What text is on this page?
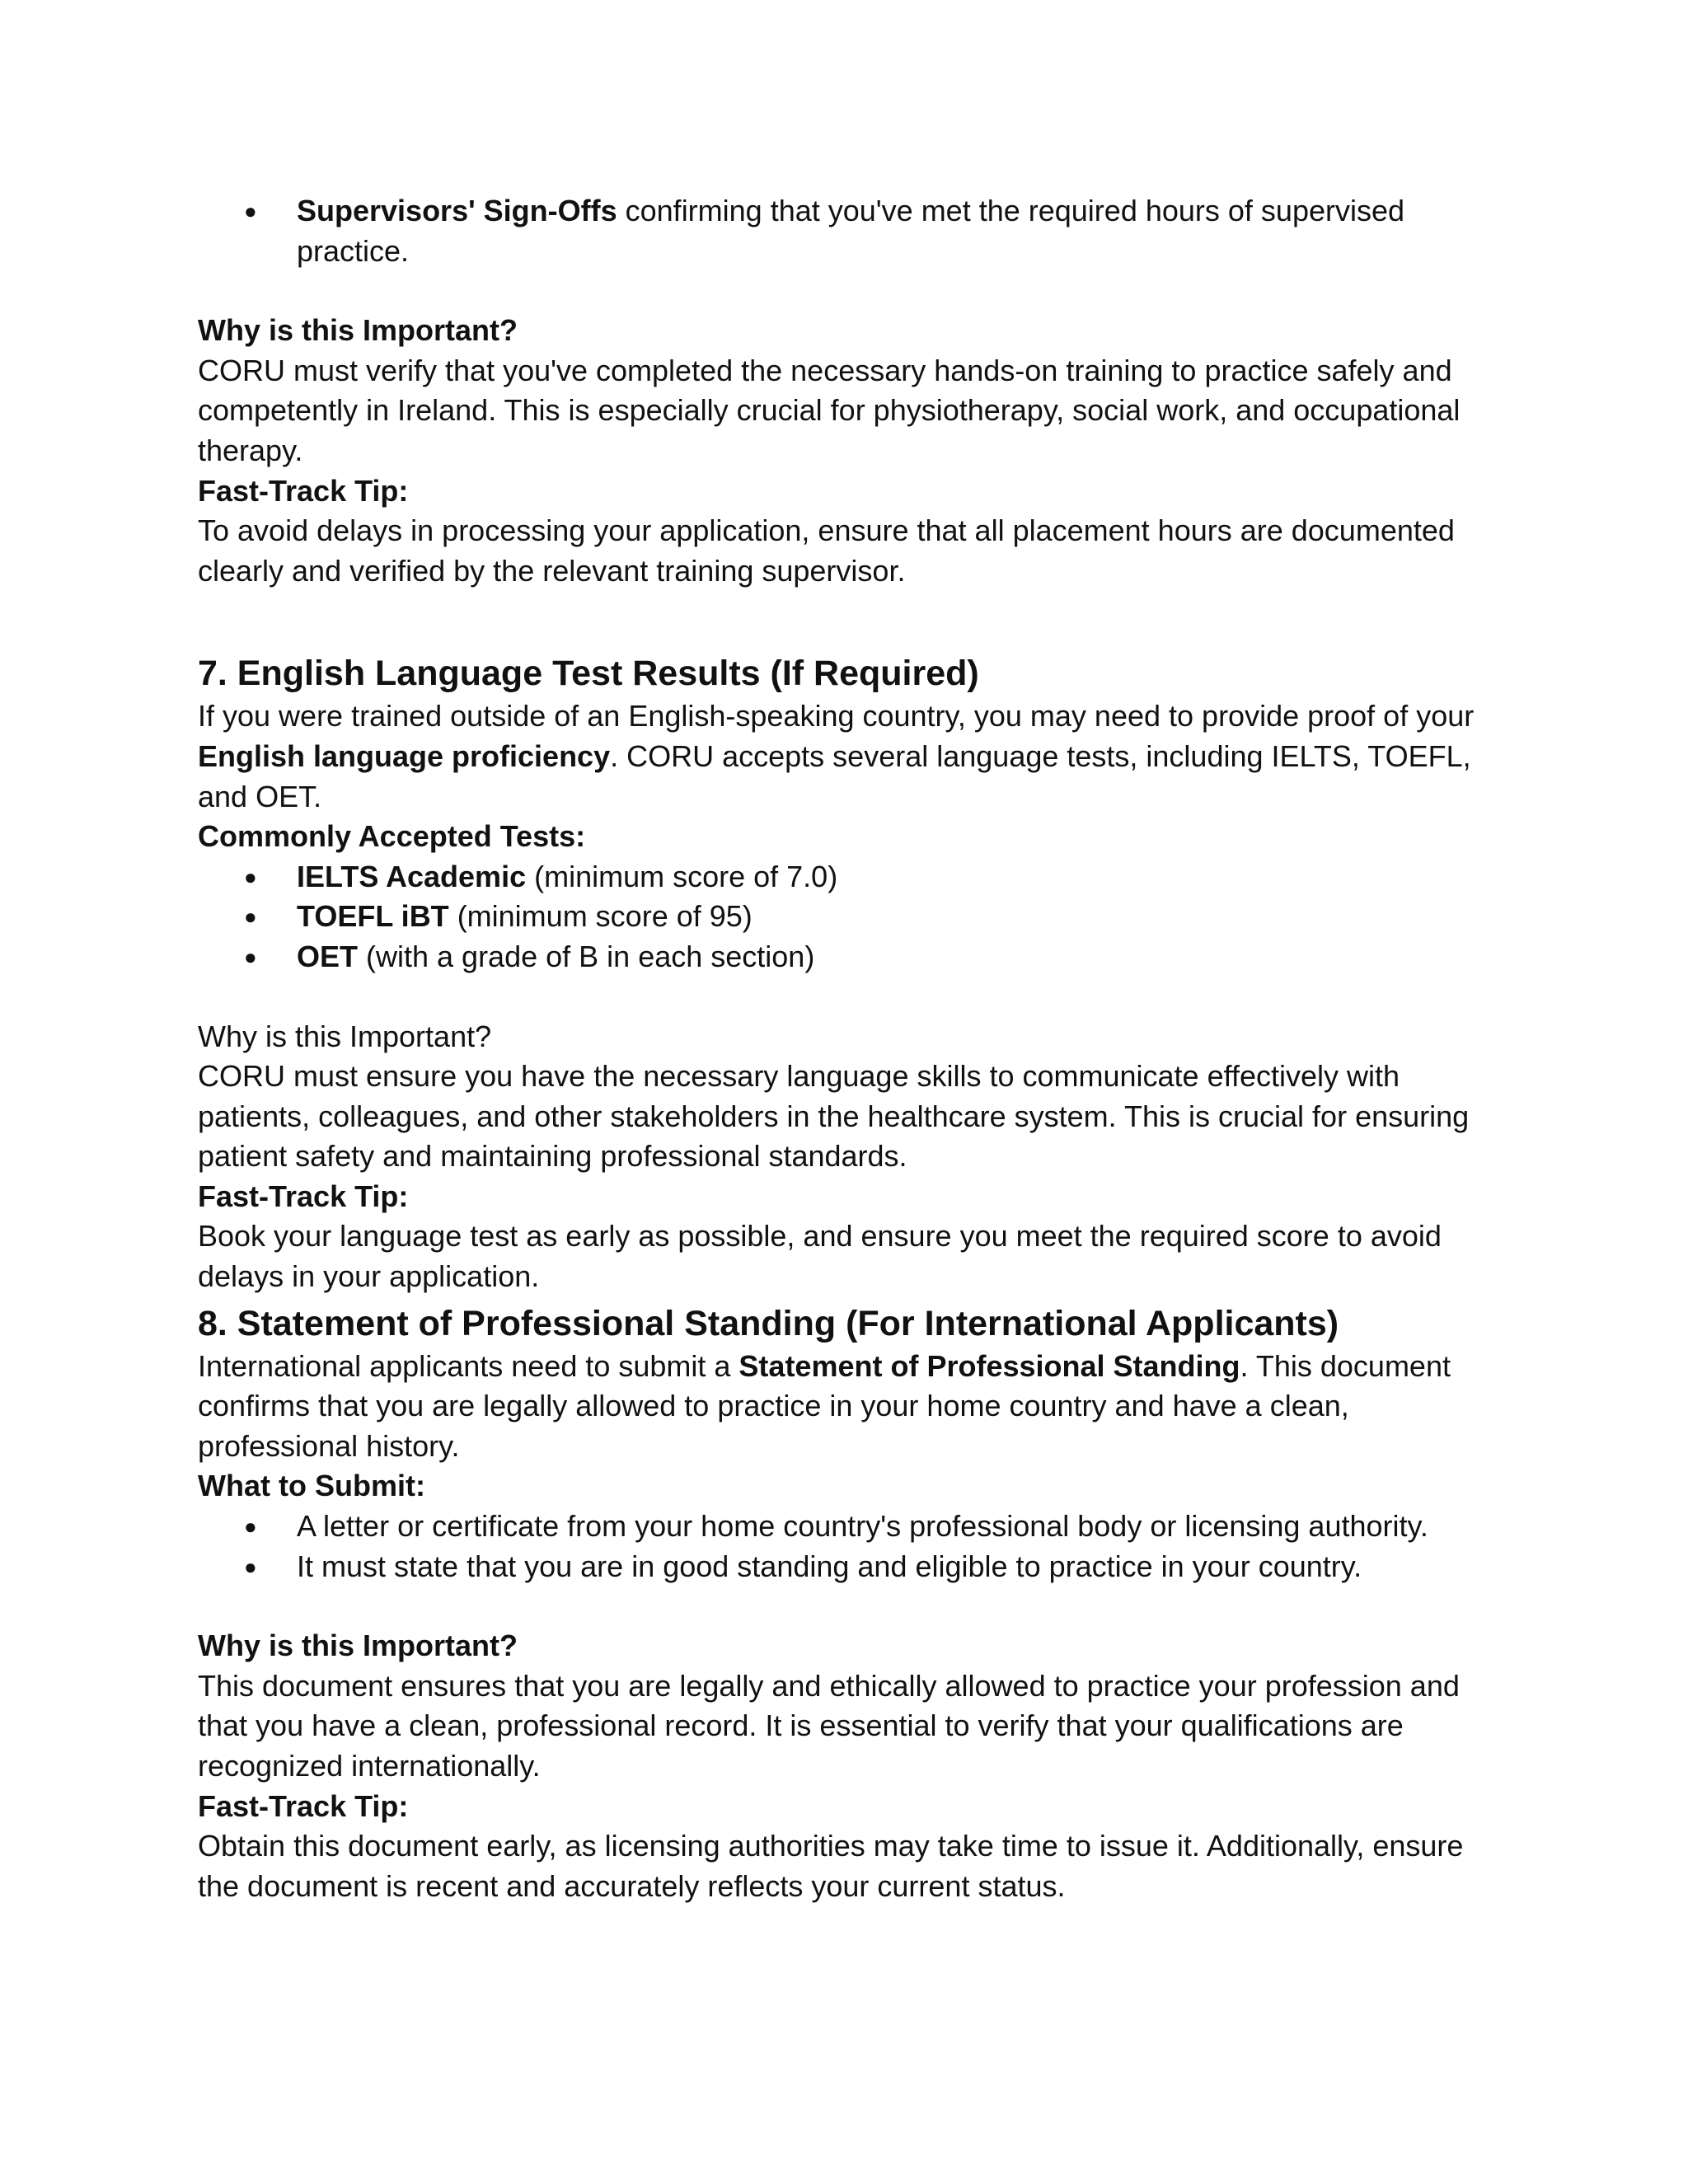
● Supervisors' Sign-Offs confirming that you've met the required hours of supervised practice.

Why is this Important?

CORU must verify that you've completed the necessary hands-on training to practice safely and competently in Ireland. This is especially crucial for physiotherapy, social work, and occupational therapy.

Fast-Track Tip:

To avoid delays in processing your application, ensure that all placement hours are documented clearly and verified by the relevant training supervisor.

7. English Language Test Results (If Required)

If you were trained outside of an English-speaking country, you may need to provide proof of your English language proficiency. CORU accepts several language tests, including IELTS, TOEFL, and OET.

Commonly Accepted Tests:

● IELTS Academic (minimum score of 7.0)
● TOEFL iBT (minimum score of 95)
● OET (with a grade of B in each section)

Why is this Important?

CORU must ensure you have the necessary language skills to communicate effectively with patients, colleagues, and other stakeholders in the healthcare system. This is crucial for ensuring patient safety and maintaining professional standards.

Fast-Track Tip:

Book your language test as early as possible, and ensure you meet the required score to avoid delays in your application.

8. Statement of Professional Standing (For International Applicants)

International applicants need to submit a Statement of Professional Standing. This document confirms that you are legally allowed to practice in your home country and have a clean, professional history.

What to Submit:

● A letter or certificate from your home country's professional body or licensing authority.
● It must state that you are in good standing and eligible to practice in your country.

Why is this Important?

This document ensures that you are legally and ethically allowed to practice your profession and that you have a clean, professional record. It is essential to verify that your qualifications are recognized internationally.

Fast-Track Tip:

Obtain this document early, as licensing authorities may take time to issue it. Additionally, ensure the document is recent and accurately reflects your current status.
